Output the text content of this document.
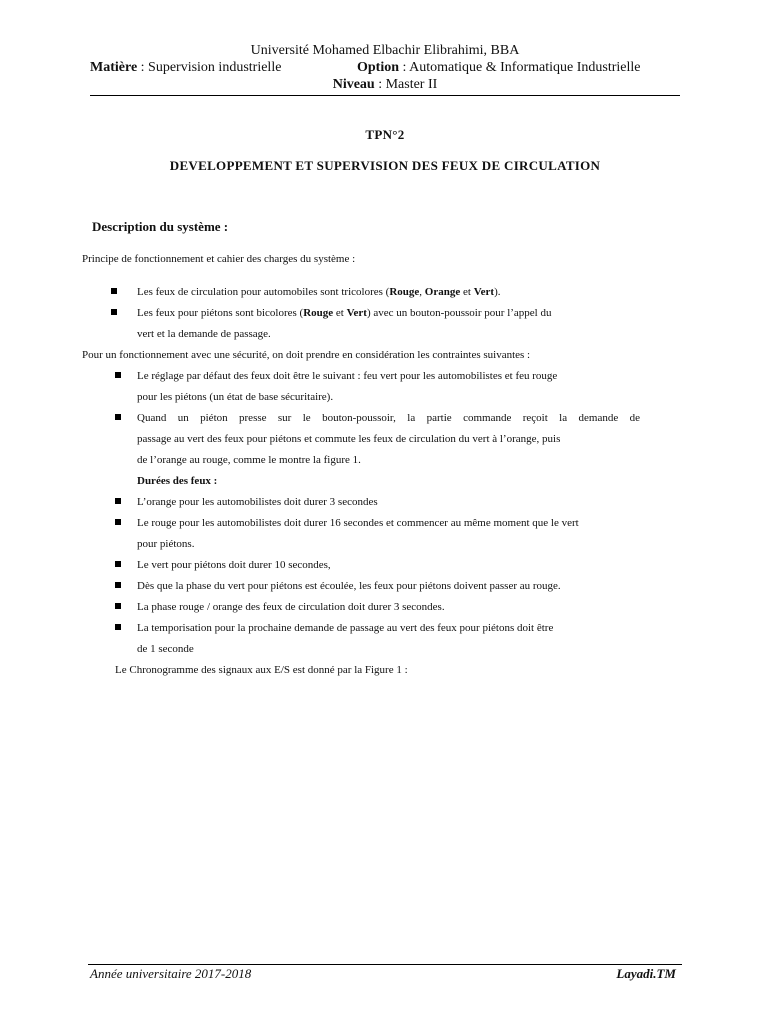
Université Mohamed Elbachir Elibrahimi, BBA
Matière : Supervision industrielle	Option : Automatique & Informatique Industrielle
Niveau : Master II
TPN°2
DEVELOPPEMENT ET SUPERVISION DES FEUX DE CIRCULATION
Description du système :
Principe de fonctionnement et cahier des charges du système :
Les feux de circulation pour automobiles sont tricolores (Rouge, Orange et Vert).
Les feux pour piétons sont bicolores (Rouge et Vert) avec un bouton-poussoir pour l’appel du
vert et la demande de passage.
Pour un fonctionnement avec une sécurité, on doit prendre en considération les contraintes suivantes :
Le réglage par défaut des feux doit être le suivant : feu vert pour les automobilistes et feu rouge
pour les piétons (un état de base sécuritaire).
Quand un piéton presse sur le bouton-poussoir, la partie commande reçoit la demande de
passage au vert des feux pour piétons et commute les feux de circulation du vert à l’orange, puis
de l’orange au rouge, comme le montre la figure 1.
Durées des feux :
L’orange pour les automobilistes doit durer 3 secondes
Le rouge pour les automobilistes doit durer 16 secondes et commencer au même moment que le vert
pour piétons.
Le vert pour piétons doit durer 10 secondes,
Dès que la phase du vert pour piétons est écoulée, les feux pour piétons doivent passer au rouge.
La phase rouge / orange des feux de circulation doit durer 3 secondes.
La temporisation pour la prochaine demande de passage au vert des feux pour piétons doit être
de 1 seconde
Le Chronogramme des signaux aux E/S est donné par la Figure 1 :
Année universitaire 2017-2018	Layadi.TM
